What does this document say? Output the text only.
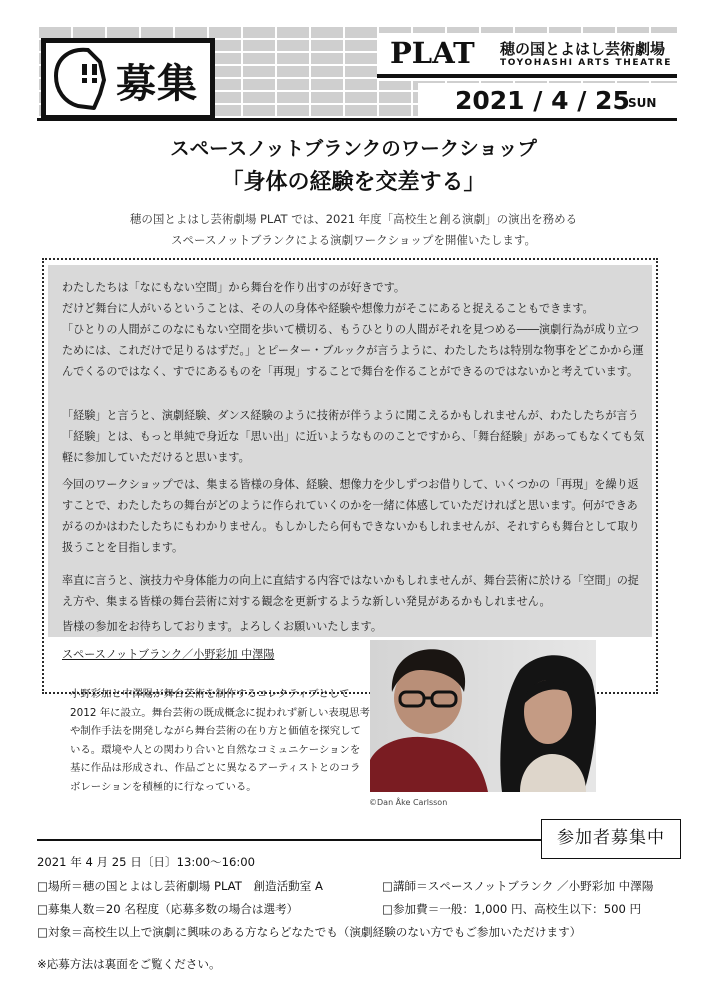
募集
PLAT 穂の国とよはし芸術劇場
TOYOHASHI ARTS THEATRE
2021 / 4 / 25
SUN
スペースノットブランクのワークショップ
「身体の経験を交差する」
穂の国とよはし芸術劇場 PLAT では、2021 年度「高校生と創る演劇」の演出を務める
スペースノットブランクによる演劇ワークショップを開催いたします。

わたしたちは「なにもない空間」から舞台を作り出すのが好きです。
だけど舞台に人がいるということは、その人の身体や経験や想像力がそこにあると捉えることもできます。
「ひとりの人間がこのなにもない空間を歩いて横切る、もうひとりの人間がそれを見つめる――演劇行為が成り立つためには、これだけで足りるはずだ。」とピーター・ブルックが言うように、わたしたちは特別な物事をどこかから運んでくるのではなく、すでにあるものを「再現」することで舞台を作ることができるのではないかと考えています。

「経験」と言うと、演劇経験、ダンス経験のように技術が伴うように聞こえるかもしれませんが、わたしたちが言う「経験」とは、もっと単純で身近な「思い出」に近いようなもののことですから、「舞台経験」があってもなくても気軽に参加していただけると思います。

今回のワークショップでは、集まる皆様の身体、経験、想像力を少しずつお借りして、いくつかの「再現」を繰り返すことで、わたしたちの舞台がどのように作られていくのかを一緒に体感していただければと思います。何ができあがるのかはわたしたちにもわかりません。もしかしたら何もできないかもしれませんが、それすらも舞台として取り扱うことを目指します。

率直に言うと、演技力や身体能力の向上に直結する内容ではないかもしれませんが、舞台芸術に於ける「空間」の捉え方や、集まる皆様の舞台芸術に対する観念を更新するような新しい発見があるかもしれません。

皆様の参加をお待ちしております。よろしくお願いいたします。

スペースノットブランク／小野彩加 中澤陽
©Dan Åke Carlsson

小野彩加と中澤陽が舞台芸術を制作するコレクティブとして 2012 年に設立。舞台芸術の既成概念に捉われず新しい表現思考や制作手法を開発しながら舞台芸術の在り方と価値を探究している。環境や人との関わり合いと自然なコミュニケーションを基に作品は形成され、作品ごとに異なるアーティストとのコラボレーションを積極的に行なっている。

参加者募集中
2021 年 4 月 25 日〔日〕13:00〜16:00
□場所＝穂の国とよはし芸術劇場 PLAT　創造活動室 A	□講師＝スペースノットブランク ／小野彩加 中澤陽
□募集人数＝20 名程度（応募多数の場合は選考）	□参加費＝一般：1,000 円、高校生以下：500 円
□対象＝高校生以上で演劇に興味のある方ならどなたでも（演劇経験のない方でもご参加いただけます）
※応募方法は裏面をご覧ください。
